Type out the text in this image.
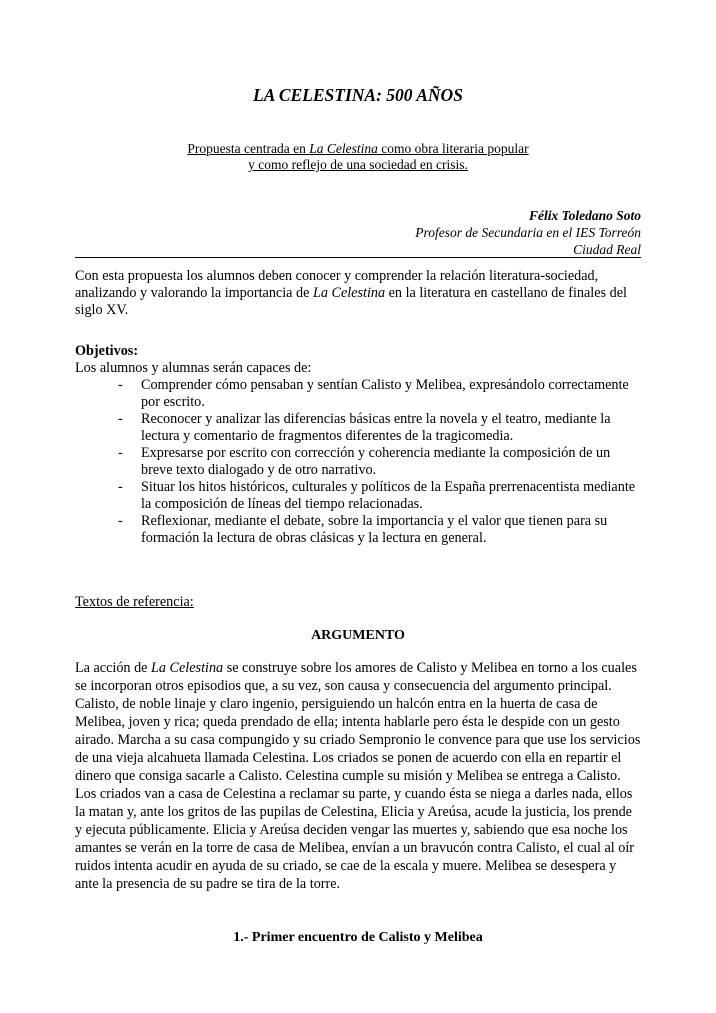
LA CELESTINA: 500 AÑOS
Propuesta centrada en La Celestina como obra literaria popular
y como reflejo de una sociedad en crisis.
Félix Toledano Soto
Profesor de Secundaria en el IES Torreón
Ciudad Real

Con esta propuesta los alumnos deben conocer y comprender la relación literatura-sociedad, analizando y valorando la importancia de La Celestina en la literatura en castellano de finales del siglo XV.

Objetivos:
Los alumnos y alumnas serán capaces de:
- Comprender cómo pensaban y sentían Calisto y Melibea, expresándolo correctamente por escrito.
- Reconocer y analizar las diferencias básicas entre la novela y el teatro, mediante la lectura y comentario de fragmentos diferentes de la tragicomedia.
- Expresarse por escrito con corrección y coherencia mediante la composición de un breve texto dialogado y de otro narrativo.
- Situar los hitos históricos, culturales y políticos de la España prerrenacentista mediante la composición de líneas del tiempo relacionadas.
- Reflexionar, mediante el debate, sobre la importancia y el valor que tienen para su formación la lectura de obras clásicas y la lectura en general.
Textos de referencia:
ARGUMENTO

La acción de La Celestina se construye sobre los amores de Calisto y Melibea en torno a los cuales se incorporan otros episodios que, a su vez, son causa y consecuencia del argumento principal. Calisto, de noble linaje y claro ingenio, persiguiendo un halcón entra en la huerta de casa de Melibea, joven y rica; queda prendado de ella; intenta hablarle pero ésta le despide con un gesto airado. Marcha a su casa compungido y su criado Sempronio le convence para que use los servicios de una vieja alcahueta llamada Celestina. Los criados se ponen de acuerdo con ella en repartir el dinero que consiga sacarle a Calisto. Celestina cumple su misión y Melibea se entrega a Calisto. Los criados van a casa de Celestina a reclamar su parte, y cuando ésta se niega a darles nada, ellos la matan y, ante los gritos de las pupilas de Celestina, Elicia y Areúsa, acude la justicia, los prende y ejecuta públicamente. Elicia y Areúsa deciden vengar las muertes y, sabiendo que esa noche los amantes se verán en la torre de casa de Melibea, envían a un bravucón contra Calisto, el cual al oír ruidos intenta acudir en ayuda de su criado, se cae de la escala y muere. Melibea se desespera y ante la presencia de su padre se tira de la torre.

1.- Primer encuentro de Calisto y Melibea
